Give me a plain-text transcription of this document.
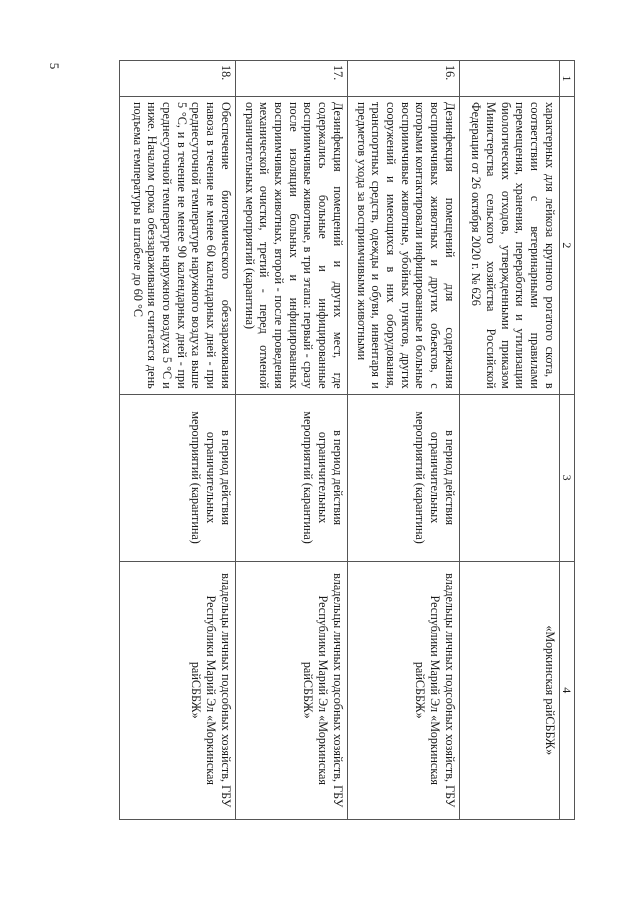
5
1	2	3	4
	характерных для лейкоза крупного рогатого скота, в соответствии с ветеринарными правилами перемещения, хранения, переработки и утилизации биологических отходов, утвержденными приказом Министерства сельского хозяйства Российской Федерации от 26 октября 2020 г. № 626		«Моркинская райСББЖ»
16.	Дезинфекция помещений для содержания восприимчивых животных и других объектов, с которыми контактировали инфицированные и больные восприимчивые животные, убойных пунктов, других сооружений и имеющихся в них оборудования, транспортных средств, одежды и обуви, инвентаря и предметов ухода за восприимчивыми животными	в период действия ограничительных мероприятий (карантина)	владельцы личных подсобных хозяйств, ГБУ Республики Марий Эл «Моркинская райСББЖ»
17.	Дезинфекция помещений и других мест, где содержались больные и инфицированные восприимчивые животные, в три этапа: первый - сразу после изоляции больных и инфицированных восприимчивых животных, второй - после проведения механической очистки, третий - перед отменой ограничительных мероприятий (карантина)	в период действия ограничительных мероприятий (карантина)	владельцы личных подсобных хозяйств, ГБУ Республики Марий Эл «Моркинская райСББЖ»
18.	Обеспечение биотермического обеззараживания навоза в течение не менее 60 календарных дней - при среднесуточной температуре наружного воздуха выше 5 °С, и в течение не менее 90 календарных дней - при среднесуточной температуре наружного воздуха 5 °С и ниже. Началом срока обеззараживания считается день подъема температуры в штабеле до 60 °С	в период действия ограничительных мероприятий (карантина)	владельцы личных подсобных хозяйств, ГБУ Республики Марий Эл «Моркинская райСББЖ»
